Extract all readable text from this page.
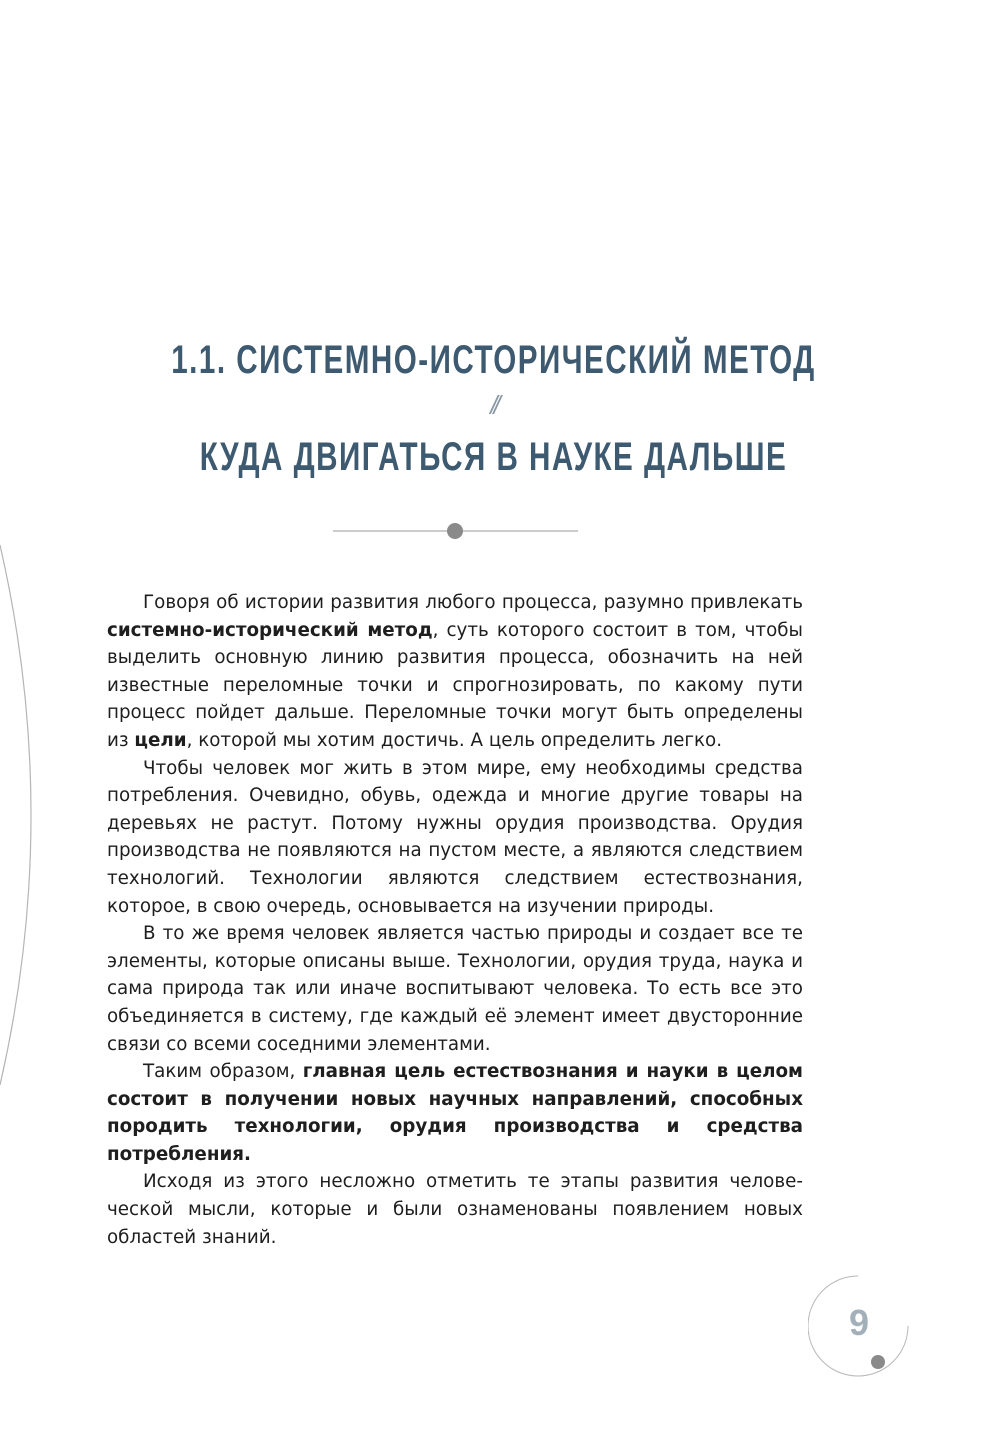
1.1. СИСТЕМНО-ИСТОРИЧЕСКИЙ МЕТОД
//
КУДА ДВИГАТЬСЯ В НАУКЕ ДАЛЬШЕ

Говоря об истории развития любого процесса, разумно привлекать системно-исторический метод, суть которого состоит в том, чтобы выделить основную линию развития процесса, обозначить на ней известные переломные точки и спрогнозировать, по какому пути процесс пойдет дальше. Переломные точки могут быть определены из цели, которой мы хотим достичь. А цель определить легко.

Чтобы человек мог жить в этом мире, ему необходимы средства потребления. Очевидно, обувь, одежда и многие другие товары на деревьях не растут. Потому нужны орудия производства. Орудия производства не появляются на пустом месте, а являются следствием технологий. Технологии являются следствием естествознания, которое, в свою очередь, основывается на изучении природы.

В то же время человек является частью природы и создает все те элементы, которые описаны выше. Технологии, орудия труда, наука и сама природа так или иначе воспитывают человека. То есть все это объединяется в систему, где каждый её элемент имеет двусторонние связи со всеми соседними элементами.

Таким образом, главная цель естествознания и науки в целом состоит в получении новых научных направлений, способных породить технологии, орудия производства и средства потребления.

Исходя из этого несложно отметить те этапы развития человеческой мысли, которые и были ознаменованы появлением новых областей знаний.

9
